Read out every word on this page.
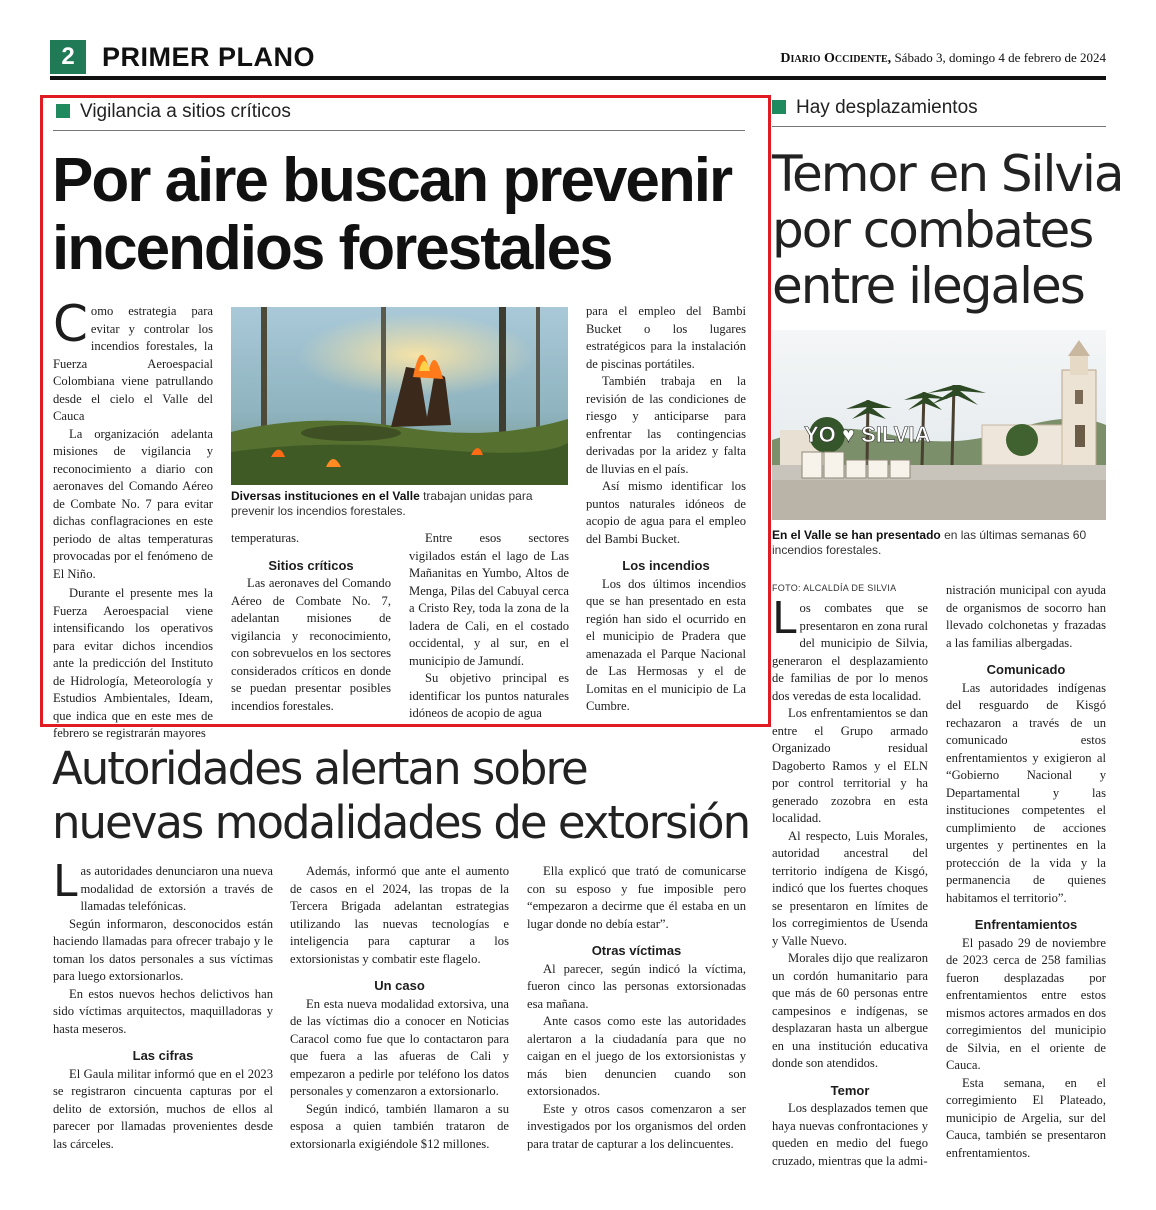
2	PRIMER PLANO	Diario Occidente, Sábado 3, domingo 4 de febrero de 2024
Vigilancia a sitios críticos
Por aire buscan prevenir
incendios forestales

Como estrategia para evitar y controlar los incendios forestales, la Fuerza Aeroespacial Colombiana viene patrullando desde el cielo el Valle del Cauca

La organización adelanta misiones de vigilancia y reconocimiento a diario con aeronaves del Comando Aéreo de Combate No. 7 para evitar dichas conflagraciones en este periodo de altas temperaturas provocadas por el fenómeno de El Niño.

Durante el presente mes la Fuerza Aeroespacial viene intensificando los operativos para evitar dichos incendios ante la predicción del Instituto de Hidrología, Meteorología y Estudios Ambientales, Ideam, que indica que en este mes de febrero se registrarán mayores

Diversas instituciones en el Valle trabajan unidas para prevenir los incendios forestales.

temperaturas.

Sitios críticos

Las aeronaves del Comando Aéreo de Combate No. 7, adelantan misiones de vigilancia y reconocimiento, con sobrevuelos en los sectores considerados críticos en donde se puedan presentar posibles incendios forestales.

Entre esos sectores vigilados están el lago de Las Mañanitas en Yumbo, Altos de Menga, Pilas del Cabuyal cerca a Cristo Rey, toda la zona de la ladera de Cali, en el costado occidental, y al sur, en el municipio de Jamundí.

Su objetivo principal es identificar los puntos naturales idóneos de acopio de agua

para el empleo del Bambi Bucket o los lugares estratégicos para la instalación de piscinas portátiles.

También trabaja en la revisión de las condiciones de riesgo y anticiparse para enfrentar las contingencias derivadas por la aridez y falta de lluvias en el país.

Así mismo identificar los puntos naturales idóneos de acopio de agua para el empleo del Bambi Bucket.

Los incendios

Los dos últimos incendios que se han presentado en esta región han sido el ocurrido en el municipio de Pradera que amenazada el Parque Nacional de Las Hermosas y el de Lomitas en el municipio de La Cumbre.

Hay desplazamientos
Temor en Silvia
por combates
entre ilegales
YO ♥ SILVIA
En el Valle se han presentado en las últimas semanas 60 incendios forestales.
FOTO: ALCALDÍA DE SILVIA

Los combates que se presentaron en zona rural del municipio de Silvia, generaron el desplazamiento de familias de por lo menos dos veredas de esta localidad.

Los enfrentamientos se dan entre el Grupo armado Organizado residual Dagoberto Ramos y el ELN por control territorial y ha generado zozobra en esta localidad.

Al respecto, Luis Morales, autoridad ancestral del territorio indígena de Kisgó, indicó que los fuertes choques se presentaron en límites de los corregimientos de Usenda y Valle Nuevo.

Morales dijo que realizaron un cordón humanitario para que más de 60 personas entre campesinos e indígenas, se desplazaran hasta un albergue en una institución educativa donde son atendidos.

Temor

Los desplazados temen que haya nuevas confrontaciones y queden en medio del fuego cruzado, mientras que la admi-

nistración municipal con ayuda de organismos de socorro han llevado colchonetas y frazadas a las familias albergadas.

Comunicado

Las autoridades indígenas del resguardo de Kisgó rechazaron a través de un comunicado estos enfrentamientos y exigieron al “Gobierno Nacional y Departamental y las instituciones competentes el cumplimiento de acciones urgentes y pertinentes en la protección de la vida y la permanencia de quienes habitamos el territorio”.

Enfrentamientos

El pasado 29 de noviembre de 2023 cerca de 258 familias fueron desplazadas por enfrentamientos entre estos mismos actores armados en dos corregimientos del municipio de Silvia, en el oriente de Cauca.

Esta semana, en el corregimiento El Plateado, municipio de Argelia, sur del Cauca, también se presentaron enfrentamientos.

Autoridades alertan sobre
nuevas modalidades de extorsión

Las autoridades denunciaron una nueva modalidad de extorsión a través de llamadas telefónicas.

Según informaron, desconocidos están haciendo llamadas para ofrecer trabajo y le toman los datos personales a sus víctimas para luego extorsionarlos.

En estos nuevos hechos delictivos han sido víctimas arquitectos, maquilladoras y hasta meseros.

Las cifras

El Gaula militar informó que en el 2023 se registraron cincuenta capturas por el delito de extorsión, muchos de ellos al parecer por llamadas provenientes desde las cárceles.

Además, informó que ante el aumento de casos en el 2024, las tropas de la Tercera Brigada adelantan estrategias utilizando las nuevas tecnologías e inteligencia para capturar a los extorsionistas y combatir este flagelo.

Un caso

En esta nueva modalidad extorsiva, una de las víctimas dio a conocer en Noticias Caracol como fue que lo contactaron para que fuera a las afueras de Cali y empezaron a pedirle por teléfono los datos personales y comenzaron a extorsionarlo.

Según indicó, también llamaron a su esposa a quien también trataron de extorsionarla exigiéndole $12 millones.

Ella explicó que trató de comunicarse con su esposo y fue imposible pero “empezaron a decirme que él estaba en un lugar donde no debía estar”.

Otras víctimas

Al parecer, según indicó la víctima, fueron cinco las personas extorsionadas esa mañana.

Ante casos como este las autoridades alertaron a la ciudadanía para que no caigan en el juego de los extorsionistas y más bien denuncien cuando son extorsionados.

Este y otros casos comenzaron a ser investigados por los organismos del orden para tratar de capturar a los delincuentes.
